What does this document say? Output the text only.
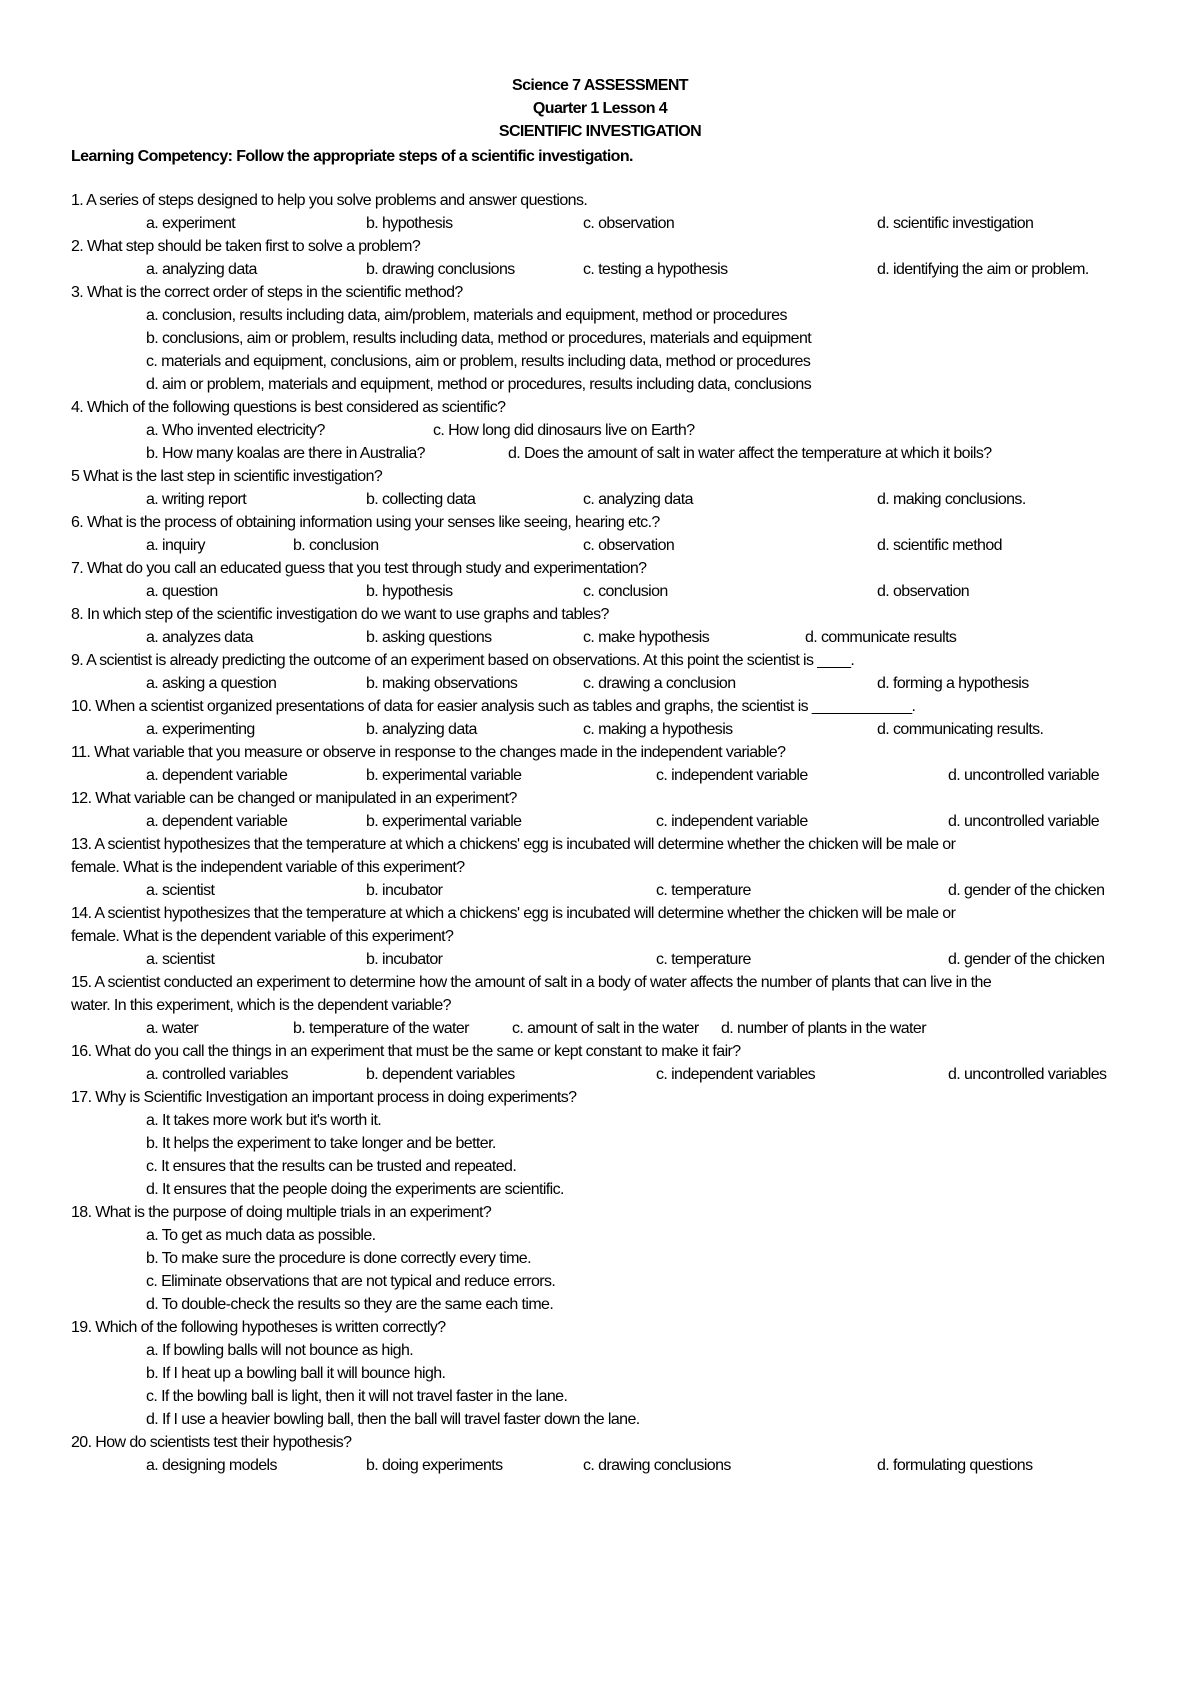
Science 7 ASSESSMENT
Quarter 1 Lesson 4
SCIENTIFIC INVESTIGATION
Learning Competency: Follow the appropriate steps of a scientific investigation.
1. A series of steps designed to help you solve problems and answer questions.
a. experiment	b. hypothesis	c. observation	d. scientific investigation
2. What step should be taken first to solve a problem?
a. analyzing data	b. drawing conclusions	c. testing a hypothesis	d. identifying the aim or problem.
3. What is the correct order of steps in the scientific method?
a. conclusion, results including data, aim/problem, materials and equipment, method or procedures
b. conclusions, aim or problem, results including data, method or procedures, materials and equipment
c. materials and equipment, conclusions, aim or problem, results including data, method or procedures
d. aim or problem, materials and equipment, method or procedures, results including data, conclusions
4. Which of the following questions is best considered as scientific?
a. Who invented electricity?	c. How long did dinosaurs live on Earth?
b. How many koalas are there in Australia?	d. Does the amount of salt in water affect the temperature at which it boils?
5 What is the last step in scientific investigation?
a. writing report	b. collecting data	c. analyzing data	d. making conclusions.
6. What is the process of obtaining information using your senses like seeing, hearing etc.?
a. inquiry	b. conclusion	c. observation	d. scientific method
7. What do you call an educated guess that you test through study and experimentation?
a. question	b. hypothesis	c. conclusion	d. observation
8. In which step of the scientific investigation do we want to use graphs and tables?
a. analyzes data	b. asking questions	c. make hypothesis	d. communicate results
9. A scientist is already predicting the outcome of an experiment based on observations. At this point the scientist is ____.
a. asking a question	b. making observations	c. drawing a conclusion	d. forming a hypothesis
10. When a scientist organized presentations of data for easier analysis such as tables and graphs, the scientist is ____________.
a. experimenting	b. analyzing data	c. making a hypothesis	d. communicating results.
11. What variable that you measure or observe in response to the changes made in the independent variable?
a. dependent variable	b. experimental variable	c. independent variable	d. uncontrolled variable
12. What variable can be changed or manipulated in an experiment?
a. dependent variable	b. experimental variable	c. independent variable	d. uncontrolled variable
13. A scientist hypothesizes that the temperature at which a chickens' egg is incubated will determine whether the chicken will be male or
female. What is the independent variable of this experiment?
a. scientist	b. incubator	c. temperature	d. gender of the chicken
14. A scientist hypothesizes that the temperature at which a chickens' egg is incubated will determine whether the chicken will be male or
female. What is the dependent variable of this experiment?
a. scientist	b. incubator	c. temperature	d. gender of the chicken
15. A scientist conducted an experiment to determine how the amount of salt in a body of water affects the number of plants that can live in the
water. In this experiment, which is the dependent variable?
a. water	b. temperature of the water	c. amount of salt in the water d. number of plants in the water
16. What do you call the things in an experiment that must be the same or kept constant to make it fair?
a. controlled variables	b. dependent variables	c. independent variables	d. uncontrolled variables
17. Why is Scientific Investigation an important process in doing experiments?
a. It takes more work but it's worth it.
b. It helps the experiment to take longer and be better.
c. It ensures that the results can be trusted and repeated.
d. It ensures that the people doing the experiments are scientific.
18. What is the purpose of doing multiple trials in an experiment?
a. To get as much data as possible.
b. To make sure the procedure is done correctly every time.
c. Eliminate observations that are not typical and reduce errors.
d. To double-check the results so they are the same each time.
19. Which of the following hypotheses is written correctly?
a. If bowling balls will not bounce as high.
b. If I heat up a bowling ball it will bounce high.
c. If the bowling ball is light, then it will not travel faster in the lane.
d. If I use a heavier bowling ball, then the ball will travel faster down the lane.
20. How do scientists test their hypothesis?
a. designing models	b. doing experiments	c. drawing conclusions	d. formulating questions
